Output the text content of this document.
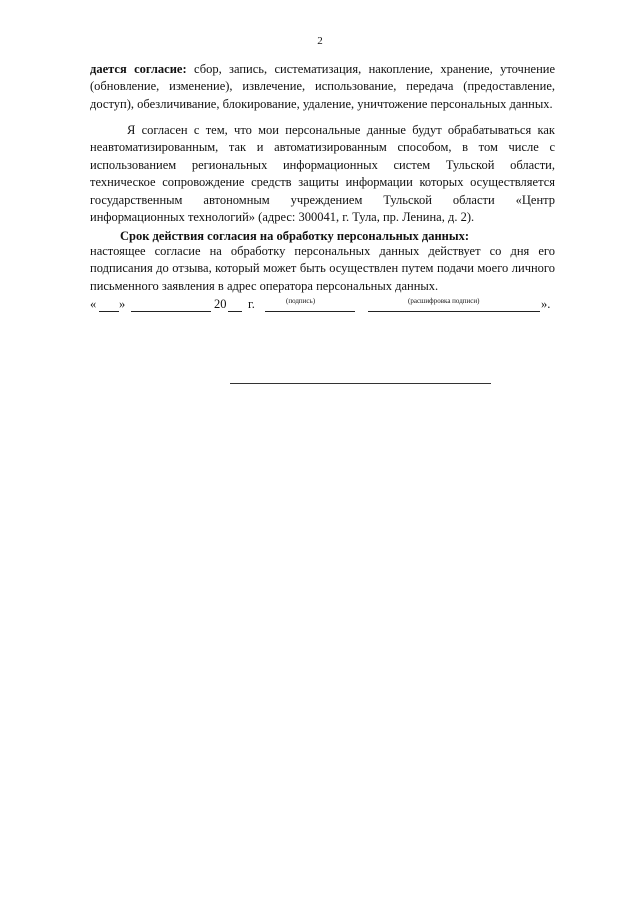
2
дается согласие: сбор, запись, систематизация, накопление, хранение, уточнение (обновление, изменение), извлечение, использование, передача (предоставление, доступ), обезличивание, блокирование, удаление, уничтожение персональных данных.
Я согласен с тем, что мои персональные данные будут обрабатываться как неавтоматизированным, так и автоматизированным способом, в том числе с использованием региональных информационных систем Тульской области, техническое сопровождение средств защиты информации которых осуществляется государственным автономным учреждением Тульской области «Центр информационных технологий» (адрес: 300041, г. Тула, пр. Ленина, д. 2).
Срок действия согласия на обработку персональных данных:
настоящее согласие на обработку персональных данных действует со дня его подписания до отзыва, который может быть осуществлен путем подачи моего личного письменного заявления в адрес оператора персональных данных.
« »	20 г.	(подпись)	(расшифровка подписи)	».
